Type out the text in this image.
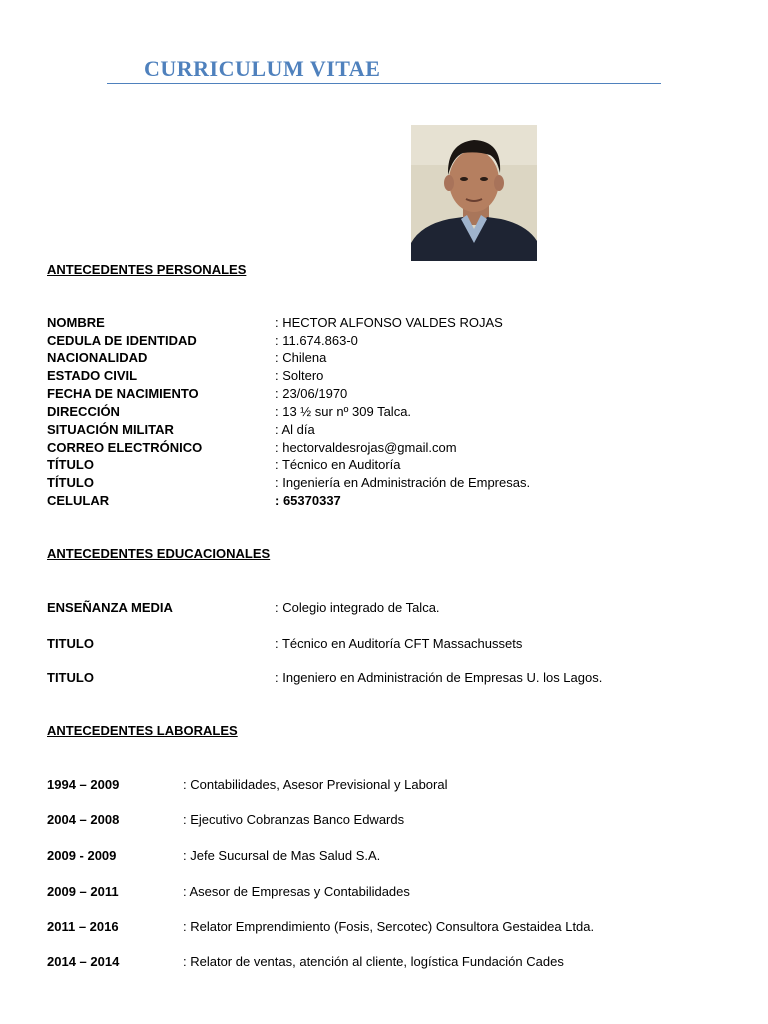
CURRICULUM VITAE
ANTECEDENTES PERSONALES
NOMBRE	: HECTOR ALFONSO VALDES ROJAS
CEDULA DE IDENTIDAD	: 11.674.863-0
NACIONALIDAD	: Chilena
ESTADO CIVIL	: Soltero
FECHA DE NACIMIENTO	: 23/06/1970
DIRECCIÓN	: 13 ½ sur nº 309 Talca.
SITUACIÓN MILITAR	: Al día
CORREO ELECTRÓNICO	: hectorvaldesrojas@gmail.com
TÍTULO	: Técnico en Auditoría
TÍTULO	: Ingeniería en Administración de Empresas.
CELULAR	: 65370337
ANTECEDENTES EDUCACIONALES
ENSEÑANZA MEDIA	: Colegio integrado de Talca.
TITULO	: Técnico en Auditoría CFT Massachussets
TITULO	: Ingeniero en Administración de Empresas U. los Lagos.
ANTECEDENTES LABORALES
1994 – 2009	: Contabilidades, Asesor Previsional y Laboral
2004 – 2008	: Ejecutivo Cobranzas Banco Edwards
2009 - 2009	: Jefe Sucursal de Mas Salud S.A.
2009 – 2011	: Asesor de Empresas y Contabilidades
2011 – 2016	: Relator Emprendimiento (Fosis, Sercotec) Consultora Gestaidea Ltda.
2014 – 2014	: Relator de ventas, atención al cliente, logística Fundación Cades
